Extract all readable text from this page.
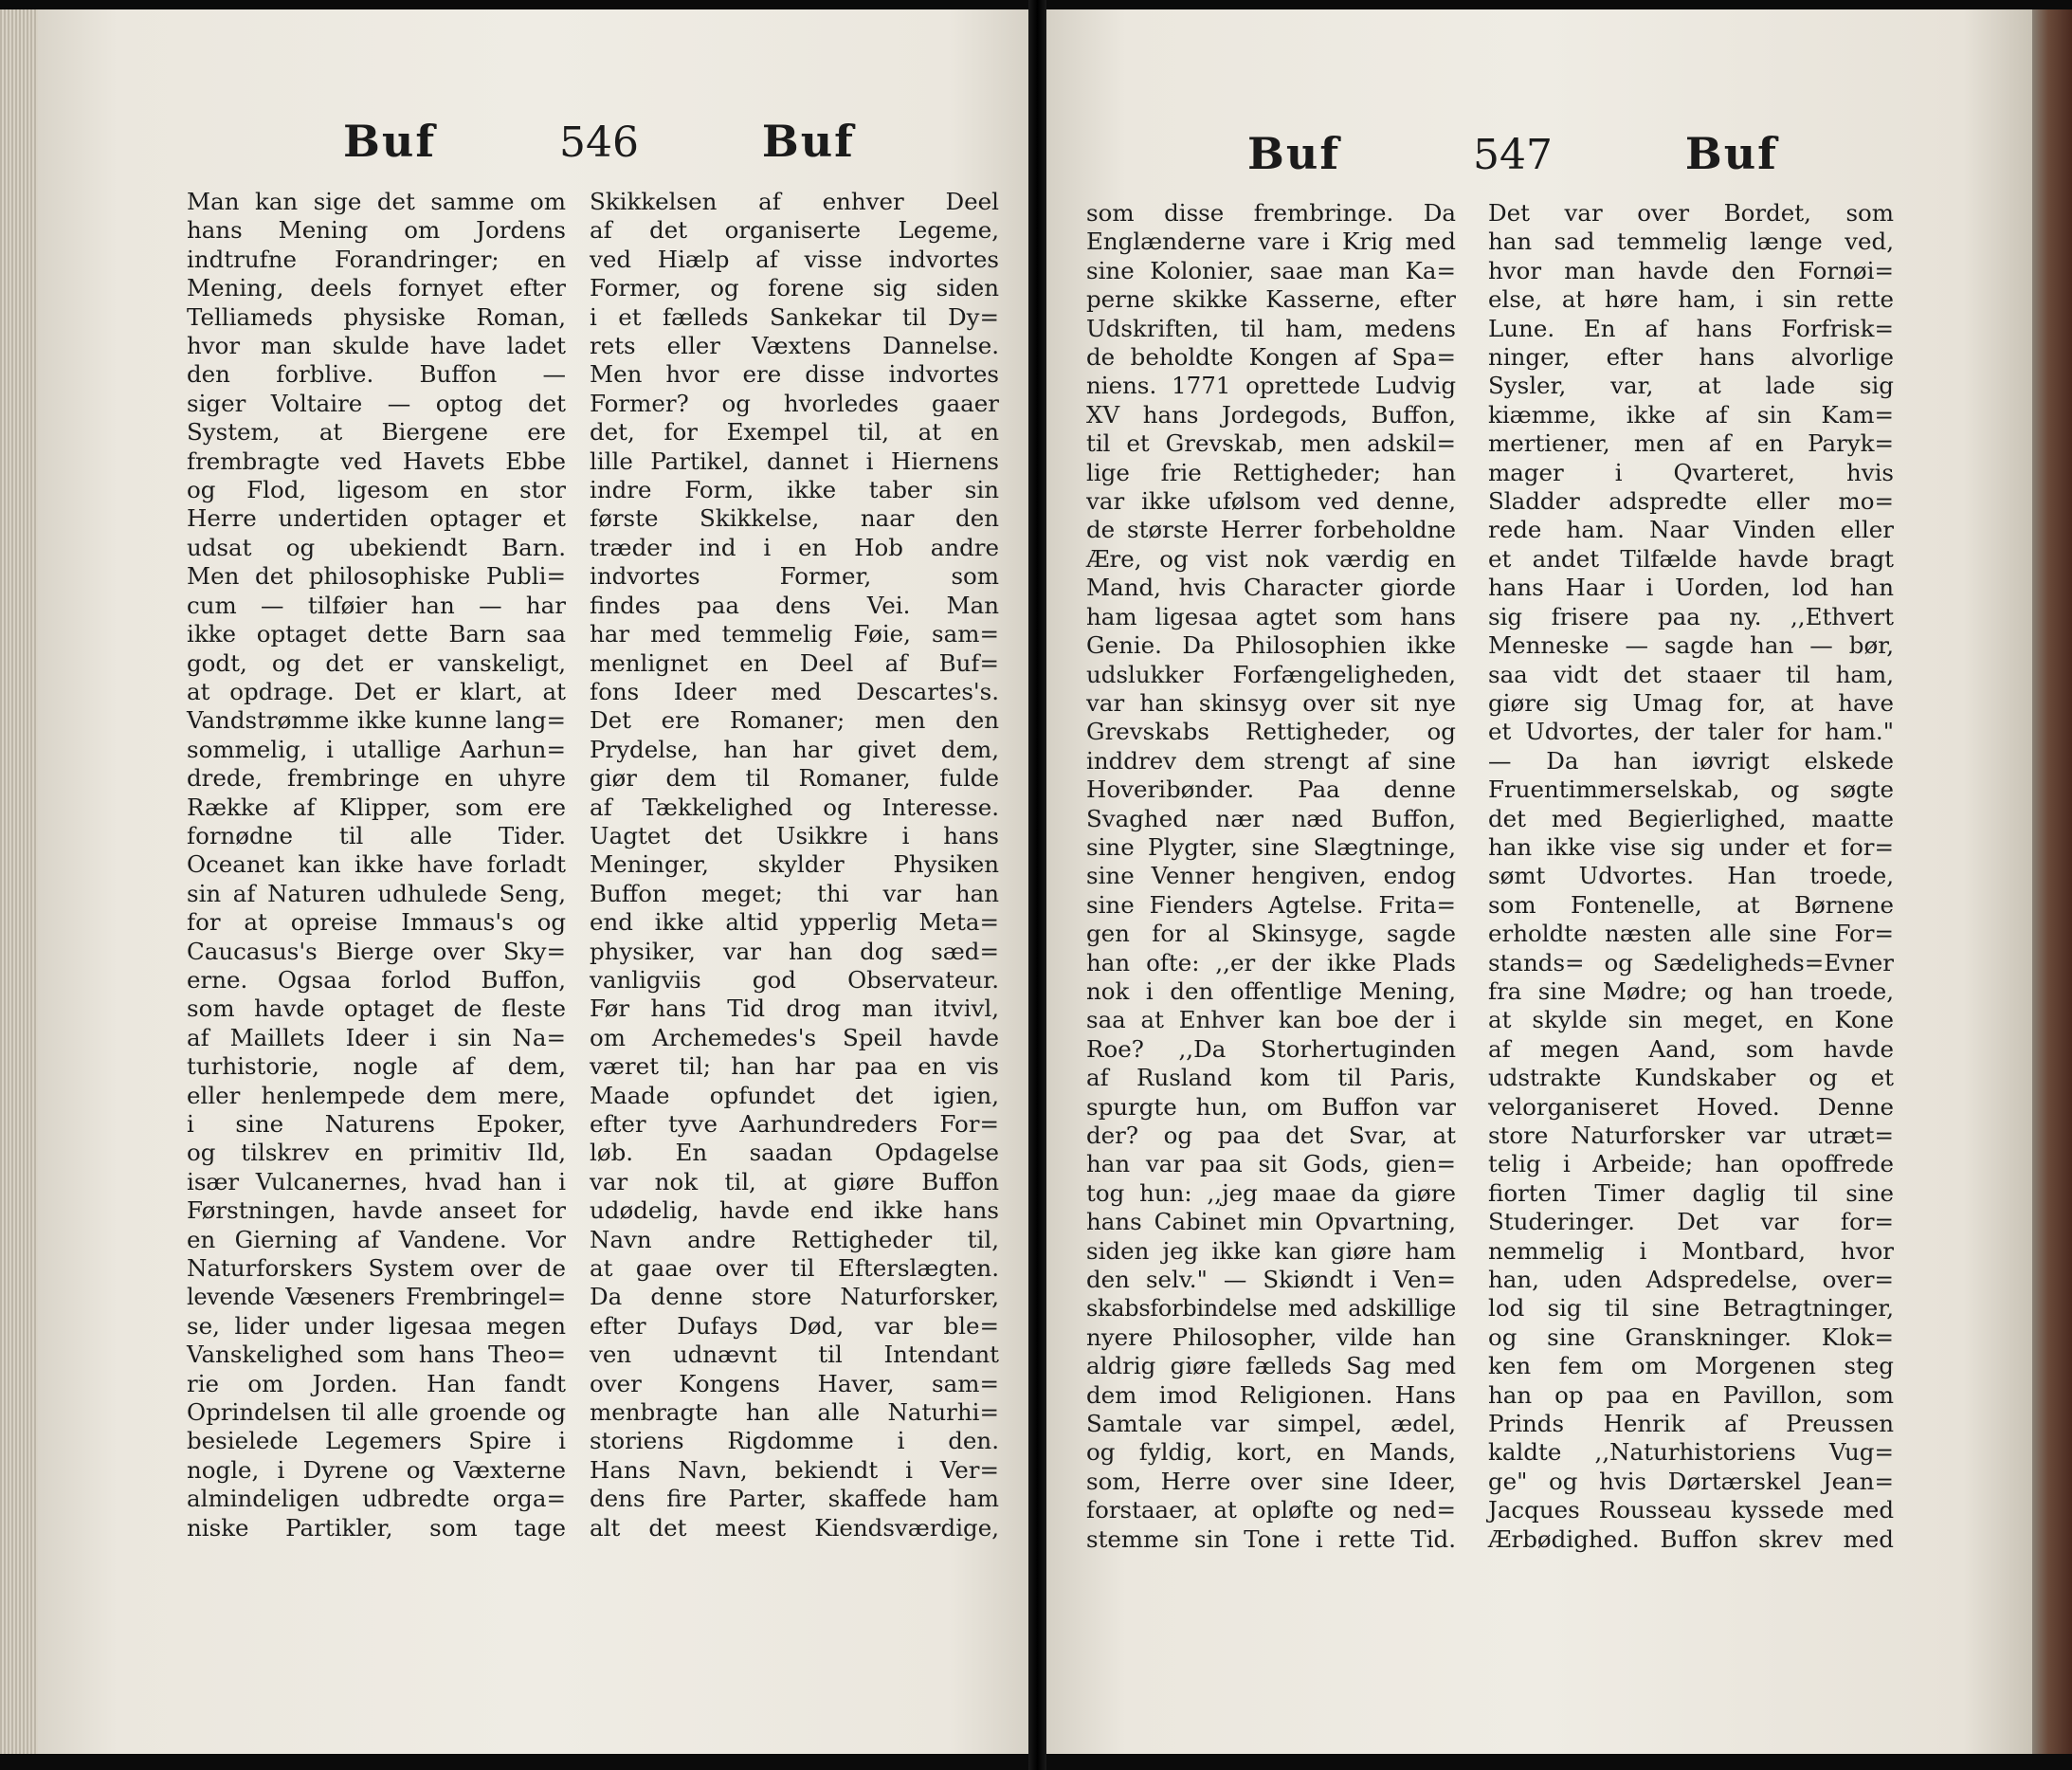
Buf	546	Buf
Man kan sige det samme om
hans Mening om Jordens
indtrufne Forandringer; en
Mening, deels fornyet efter
Telliameds physiske Roman,
hvor man skulde have ladet
den forblive. Buffon —
siger Voltaire — optog det
System, at Biergene ere
frembragte ved Havets Ebbe
og Flod, ligesom en stor
Herre undertiden optager et
udsat og ubekiendt Barn.
Men det philosophiske Publi=
cum — tilføier han — har
ikke optaget dette Barn saa
godt, og det er vanskeligt,
at opdrage. Det er klart, at
Vandstrømme ikke kunne lang=
sommelig, i utallige Aarhun=
drede, frembringe en uhyre
Række af Klipper, som ere
fornødne til alle Tider.
Oceanet kan ikke have forladt
sin af Naturen udhulede Seng,
for at opreise Immaus's og
Caucasus's Bierge over Sky=
erne. Ogsaa forlod Buffon,
som havde optaget de fleste
af Maillets Ideer i sin Na=
turhistorie, nogle af dem,
eller henlempede dem mere,
i sine Naturens Epoker,
og tilskrev en primitiv Ild,
især Vulcanernes, hvad han i
Førstningen, havde anseet for
en Gierning af Vandene. Vor
Naturforskers System over de
levende Væseners Frembringel=
se, lider under ligesaa megen
Vanskelighed som hans Theo=
rie om Jorden. Han fandt
Oprindelsen til alle groende og
besielede Legemers Spire i
nogle, i Dyrene og Væxterne
almindeligen udbredte orga=
niske Partikler, som tage
Skikkelsen af enhver Deel
af det organiserte Legeme,
ved Hiælp af visse indvortes
Former, og forene sig siden
i et fælleds Sankekar til Dy=
rets eller Væxtens Dannelse.
Men hvor ere disse indvortes
Former? og hvorledes gaaer
det, for Exempel til, at en
lille Partikel, dannet i Hiernens
indre Form, ikke taber sin
første Skikkelse, naar den
træder ind i en Hob andre
indvortes Former, som
findes paa dens Vei. Man
har med temmelig Føie, sam=
menlignet en Deel af Buf=
fons Ideer med Descartes's.
Det ere Romaner; men den
Prydelse, han har givet dem,
giør dem til Romaner, fulde
af Tækkelighed og Interesse.
Uagtet det Usikkre i hans
Meninger, skylder Physiken
Buffon meget; thi var han
end ikke altid ypperlig Meta=
physiker, var han dog sæd=
vanligviis god Observateur.
Før hans Tid drog man itvivl,
om Archemedes's Speil havde
været til; han har paa en vis
Maade opfundet det igien,
efter tyve Aarhundreders For=
løb. En saadan Opdagelse
var nok til, at giøre Buffon
udødelig, havde end ikke hans
Navn andre Rettigheder til,
at gaae over til Efterslægten.
Da denne store Naturforsker,
efter Dufays Død, var ble=
ven udnævnt til Intendant
over Kongens Haver, sam=
menbragte han alle Naturhi=
storiens Rigdomme i den.
Hans Navn, bekiendt i Ver=
dens fire Parter, skaffede ham
alt det meest Kiendsværdige,
Buf	547	Buf
som disse frembringe. Da
Englænderne vare i Krig med
sine Kolonier, saae man Ka=
perne skikke Kasserne, efter
Udskriften, til ham, medens
de beholdte Kongen af Spa=
niens. 1771 oprettede Ludvig
XV hans Jordegods, Buffon,
til et Grevskab, men adskil=
lige frie Rettigheder; han
var ikke ufølsom ved denne,
de største Herrer forbeholdne
Ære, og vist nok værdig en
Mand, hvis Character giorde
ham ligesaa agtet som hans
Genie. Da Philosophien ikke
udslukker Forfængeligheden,
var han skinsyg over sit nye
Grevskabs Rettigheder, og
inddrev dem strengt af sine
Hoveribønder. Paa denne
Svaghed nær næd Buffon,
sine Plygter, sine Slægtninge,
sine Venner hengiven, endog
sine Fienders Agtelse. Frita=
gen for al Skinsyge, sagde
han ofte: ,,er der ikke Plads
nok i den offentlige Mening,
saa at Enhver kan boe der i
Roe? ,,Da Storhertuginden
af Rusland kom til Paris,
spurgte hun, om Buffon var
der? og paa det Svar, at
han var paa sit Gods, gien=
tog hun: ,,jeg maae da giøre
hans Cabinet min Opvartning,
siden jeg ikke kan giøre ham
den selv." — Skiøndt i Ven=
skabsforbindelse med adskillige
nyere Philosopher, vilde han
aldrig giøre fælleds Sag med
dem imod Religionen. Hans
Samtale var simpel, ædel,
og fyldig, kort, en Mands,
som, Herre over sine Ideer,
forstaaer, at opløfte og ned=
stemme sin Tone i rette Tid.
Det var over Bordet, som
han sad temmelig længe ved,
hvor man havde den Fornøi=
else, at høre ham, i sin rette
Lune. En af hans Forfrisk=
ninger, efter hans alvorlige
Sysler, var, at lade sig
kiæmme, ikke af sin Kam=
mertiener, men af en Paryk=
mager i Qvarteret, hvis
Sladder adspredte eller mo=
rede ham. Naar Vinden eller
et andet Tilfælde havde bragt
hans Haar i Uorden, lod han
sig frisere paa ny. ,,Ethvert
Menneske — sagde han — bør,
saa vidt det staaer til ham,
giøre sig Umag for, at have
et Udvortes, der taler for ham."
— Da han iøvrigt elskede
Fruentimmerselskab, og søgte
det med Begierlighed, maatte
han ikke vise sig under et for=
sømt Udvortes. Han troede,
som Fontenelle, at Børnene
erholdte næsten alle sine For=
stands= og Sædeligheds=Evner
fra sine Mødre; og han troede,
at skylde sin meget, en Kone
af megen Aand, som havde
udstrakte Kundskaber og et
velorganiseret Hoved. Denne
store Naturforsker var utræt=
telig i Arbeide; han opoffrede
fiorten Timer daglig til sine
Studeringer. Det var for=
nemmelig i Montbard, hvor
han, uden Adspredelse, over=
lod sig til sine Betragtninger,
og sine Granskninger. Klok=
ken fem om Morgenen steg
han op paa en Pavillon, som
Prinds Henrik af Preussen
kaldte ,,Naturhistoriens Vug=
ge" og hvis Dørtærskel Jean=
Jacques Rousseau kyssede med
Ærbødighed. Buffon skrev med
